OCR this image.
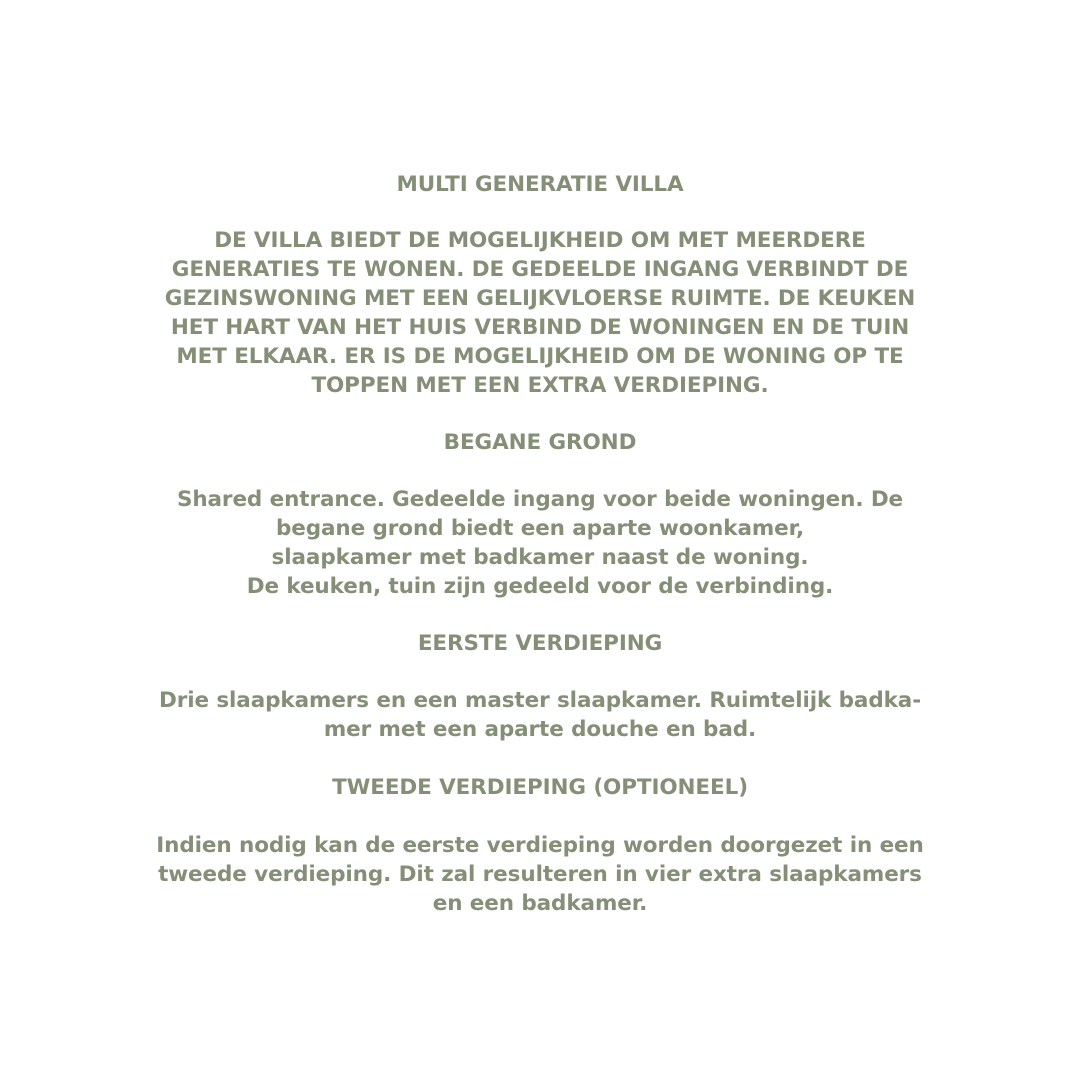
MULTI GENERATIE VILLA

DE VILLA BIEDT DE MOGELIJKHEID OM MET MEERDERE
GENERATIES TE WONEN. DE GEDEELDE INGANG VERBINDT DE
GEZINSWONING MET EEN GELIJKVLOERSE RUIMTE. DE KEUKEN
HET HART VAN HET HUIS VERBIND DE WONINGEN EN DE TUIN
MET ELKAAR. ER IS DE MOGELIJKHEID OM DE WONING OP TE
TOPPEN MET EEN EXTRA VERDIEPING.

BEGANE GROND

Shared entrance. Gedeelde ingang voor beide woningen. De
begane grond biedt een aparte woonkamer,
slaapkamer met badkamer naast de woning.
De keuken, tuin zijn gedeeld voor de verbinding.

EERSTE VERDIEPING

Drie slaapkamers en een master slaapkamer. Ruimtelijk badka-
mer met een aparte douche en bad.

TWEEDE VERDIEPING (OPTIONEEL)

Indien nodig kan de eerste verdieping worden doorgezet in een
tweede verdieping. Dit zal resulteren in vier extra slaapkamers
en een badkamer.
